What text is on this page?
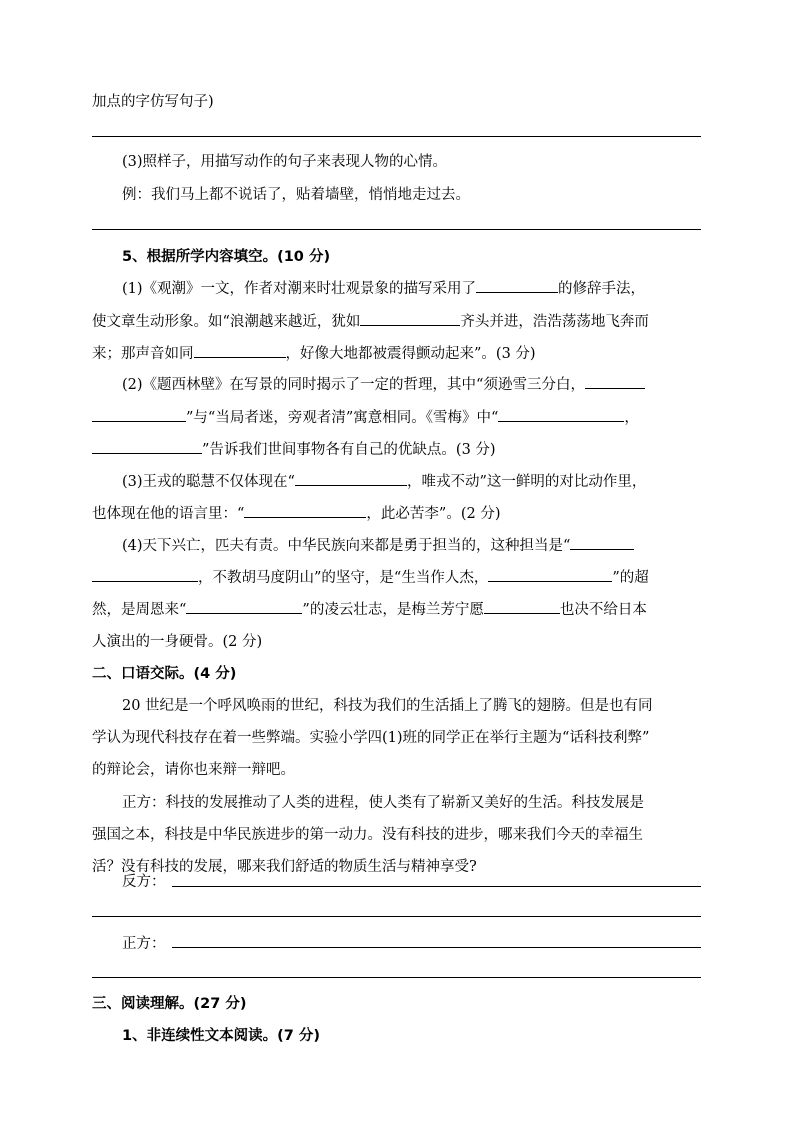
加点的字仿写句子)
(3)照样子，用描写动作的句子来表现人物的心情。
例：我们马上都不说话了，贴着墙壁，悄悄地走过去。
5、根据所学内容填空。(10 分)
(1)《观潮》一文，作者对潮来时壮观景象的描写采用了	的修辞手法，
使文章生动形象。如“浪潮越来越近，犹如	齐头并进，浩浩荡荡地飞奔而
来；那声音如同	，好像大地都被震得颤动起来”。(3 分)
(2)《题西林壁》在写景的同时揭示了一定的哲理，其中“须逊雪三分白，
”与“当局者迷，旁观者清”寓意相同。《雪梅》中“	，
”告诉我们世间事物各有自己的优缺点。(3 分)
(3)王戎的聪慧不仅体现在“	，唯戎不动”这一鲜明的对比动作里，
也体现在他的语言里：“	，此必苦李”。(2 分)
(4)天下兴亡，匹夫有责。中华民族向来都是勇于担当的，这种担当是“
，不教胡马度阴山”的坚守，是“生当作人杰，	”的超
然，是周恩来“	”的凌云壮志，是梅兰芳宁愿	也决不给日本
人演出的一身硬骨。(2 分)
二、口语交际。(4 分)
20 世纪是一个呼风唤雨的世纪，科技为我们的生活插上了腾飞的翅膀。但是也有同
学认为现代科技存在着一些弊端。实验小学四(1)班的同学正在举行主题为“话科技利弊”
的辩论会，请你也来辩一辩吧。
正方：科技的发展推动了人类的进程，使人类有了崭新又美好的生活。科技发展是
强国之本，科技是中华民族进步的第一动力。没有科技的进步，哪来我们今天的幸福生
活？没有科技的发展，哪来我们舒适的物质生活与精神享受?
反方：
正方：
三、阅读理解。(27 分)
1、非连续性文本阅读。(7 分)
